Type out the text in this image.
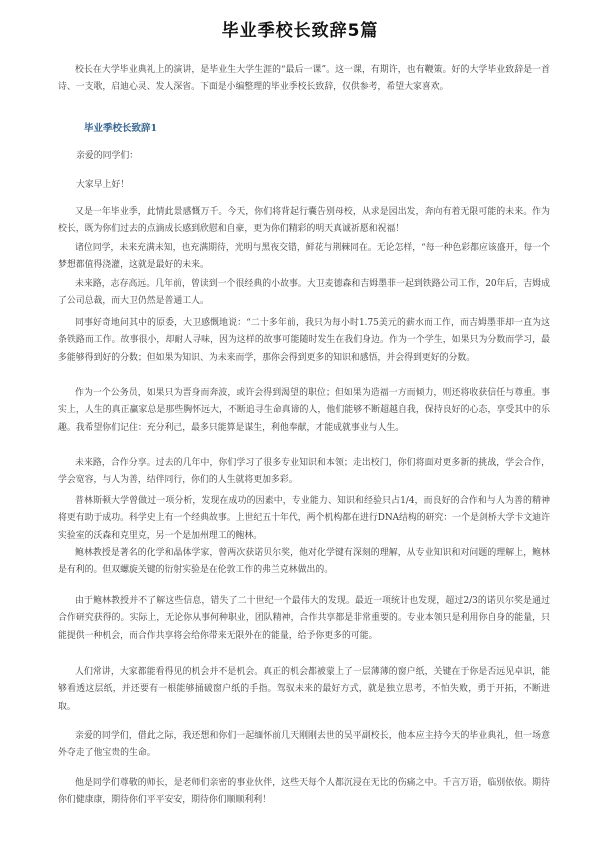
毕业季校长致辞5篇

校长在大学毕业典礼上的演讲，是毕业生大学生涯的“最后一课”。这一课，有期许，也有鞭策。好的大学毕业致辞是一首诗、一支歌，启迪心灵、发人深省。下面是小编整理的毕业季校长致辞，仅供参考，希望大家喜欢。

毕业季校长致辞1
亲爱的同学们：
大家早上好！

又是一年毕业季，此情此景感慨万千。今天，你们将背起行囊告别母校，从求是园出发，奔向有着无限可能的未来。作为校长，既为你们过去的点滴成长感到欣慰和自豪，更为你们精彩的明天真诚祈愿和祝福！

诸位同学，未来充满未知，也充满期待，光明与黑夜交错，鲜花与荆棘同在。无论怎样，“每一种色彩都应该盛开，每一个梦想都值得浇灌，这就是最好的未来。

未来路，志存高远。几年前，曾读到一个很经典的小故事。大卫麦德森和吉姆墨菲一起到铁路公司工作，20年后，吉姆成了公司总裁，而大卫仍然是普通工人。

同事好奇地问其中的原委，大卫感慨地说：“二十多年前，我只为每小时1.75美元的薪水而工作，而吉姆墨菲却一直为这条铁路而工作。故事很小，却耐人寻味，因为这样的故事可能随时发生在我们身边。作为一个学生，如果只为分数而学习，最多能够得到好的分数；但如果为知识、为未来而学，那你会得到更多的知识和感悟，并会得到更好的分数。

作为一个公务员，如果只为晋身而奔波，或许会得到渴望的职位；但如果为造福一方而倾力，则还将收获信任与尊重。事实上，人生的真正赢家总是那些胸怀远大，不断追寻生命真谛的人，他们能够不断超越自我，保持良好的心态，享受其中的乐趣。我希望你们记住：充分利己，最多只能算是谋生，利他奉献，才能成就事业与人生。

未来路，合作分享。过去的几年中，你们学习了很多专业知识和本领；走出校门，你们将面对更多新的挑战，学会合作，学会宽容，与人为善，结伴同行，你们的人生就将更加多彩。

普林斯顿大学曾做过一项分析，发现在成功的因素中，专业能力、知识和经验只占1/4，而良好的合作和与人为善的精神将更有助于成功。科学史上有一个经典故事。上世纪五十年代，两个机构都在进行DNA结构的研究：一个是剑桥大学卡文迪许实验室的沃森和克里克，另一个是加州理工的鲍林。

鲍林教授是著名的化学和晶体学家，曾两次获诺贝尔奖，他对化学键有深刻的理解，从专业知识和对问题的理解上，鲍林是有利的。但双螺旋关键的衍射实验是在伦敦工作的弗兰克林做出的。

由于鲍林教授并不了解这些信息，错失了二十世纪一个最伟大的发现。最近一项统计也发现，超过2/3的诺贝尔奖是通过合作研究获得的。实际上，无论你从事何种职业，团队精神，合作共享都是非常重要的。专业本领只是利用你自身的能量，只能提供一种机会，而合作共享将会给你带来无限外在的能量，给予你更多的可能。

人们常讲，大家都能看得见的机会并不是机会。真正的机会都被蒙上了一层薄薄的窗户纸，关键在于你是否远见卓识，能够看透这层纸，并还要有一根能够捅破窗户纸的手指。驾驭未来的最好方式，就是独立思考，不怕失败，勇于开拓，不断进取。

亲爱的同学们，借此之际，我还想和你们一起缅怀前几天刚刚去世的吴平副校长，他本应主持今天的毕业典礼，但一场意外夺走了他宝贵的生命。

他是同学们尊敬的师长，是老师们亲密的事业伙伴，这些天每个人都沉浸在无比的伤痛之中。千言万语，临别依依。期待你们健康康，期待你们平平安安，期待你们顺顺利利！
